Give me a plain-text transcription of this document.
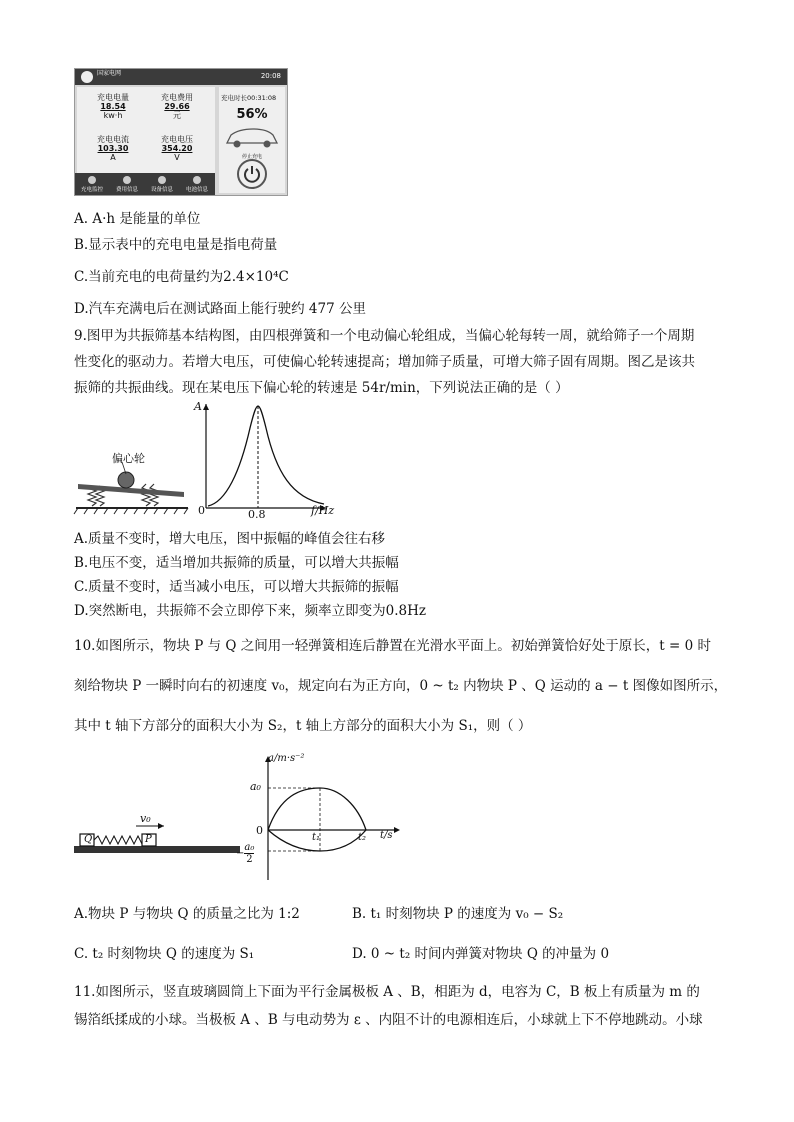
国家电网	20:08
充电电量
18.54
kw·h
充电费用
29.66
元
充电电流
103.30
A
充电电压
354.20
V
充电监控	费用信息	设备信息	电池信息
充电时长00:31:08
56%
停止充电
A. A·h 是能量的单位
B.显示表中的充电电量是指电荷量
C.当前充电的电荷量约为2.4×10⁴C
D.汽车充满电后在测试路面上能行驶约 477 公里
9.图甲为共振筛基本结构图，由四根弹簧和一个电动偏心轮组成，当偏心轮每转一周，就给筛子一个周期
性变化的驱动力。若增大电压，可使偏心轮转速提高；增加筛子质量，可增大筛子固有周期。图乙是该共
振筛的共振曲线。现在某电压下偏心轮的转速是 54r/min，下列说法正确的是（ ）
偏心轮
A
0	0.8	f/Hz
A.质量不变时，增大电压，图中振幅的峰值会往右移
B.电压不变，适当增加共振筛的质量，可以增大共振幅
C.质量不变时，适当减小电压，可以增大共振筛的振幅
D.突然断电，共振筛不会立即停下来，频率立即变为0.8Hz
10.如图所示，物块 P 与 Q 之间用一轻弹簧相连后静置在光滑水平面上。初始弹簧恰好处于原长，t = 0 时
刻给物块 P 一瞬时向右的初速度 v₀，规定向右为正方向，0 ~ t₂ 内物块 P 、Q 运动的 a − t 图像如图所示，
其中 t 轴下方部分的面积大小为 S₂，t 轴上方部分的面积大小为 S₁，则（ ）
Q	P
v₀
a/m·s⁻²
t/s
a₀
0
− $\frac{\text{a₀}}{2}$
t₁	t₂
A.物块 P 与物块 Q 的质量之比为 1:2	B. t₁ 时刻物块 P 的速度为 v₀ − S₂
C. t₂ 时刻物块 Q 的速度为 S₁	D. 0 ~ t₂ 时间内弹簧对物块 Q 的冲量为 0
11.如图所示，竖直玻璃圆筒上下面为平行金属极板 A 、B，相距为 d，电容为 C，B 板上有质量为 m 的
锡箔纸揉成的小球。当极板 A 、B 与电动势为 ε 、内阻不计的电源相连后，小球就上下不停地跳动。小球
